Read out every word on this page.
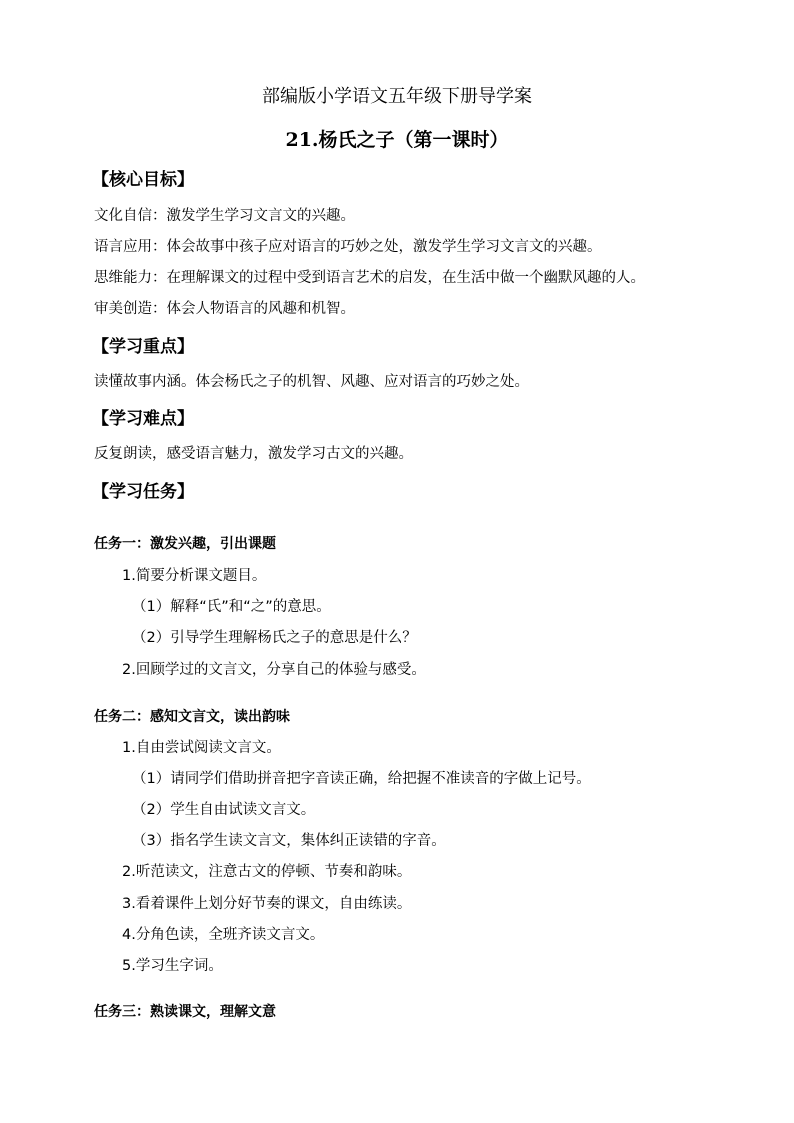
部编版小学语文五年级下册导学案
21.杨氏之子（第一课时）
【核心目标】
文化自信：激发学生学习文言文的兴趣。
语言应用：体会故事中孩子应对语言的巧妙之处，激发学生学习文言文的兴趣。
思维能力：在理解课文的过程中受到语言艺术的启发，在生活中做一个幽默风趣的人。
审美创造：体会人物语言的风趣和机智。
【学习重点】
读懂故事内涵。体会杨氏之子的机智、风趣、应对语言的巧妙之处。
【学习难点】
反复朗读，感受语言魅力，激发学习古文的兴趣。
【学习任务】
任务一：激发兴趣，引出课题
1.简要分析课文题目。
（1）解释“氏”和“之”的意思。
（2）引导学生理解杨氏之子的意思是什么？
2.回顾学过的文言文，分享自己的体验与感受。
任务二：感知文言文，读出韵味
1.自由尝试阅读文言文。
（1）请同学们借助拼音把字音读正确，给把握不准读音的字做上记号。
（2）学生自由试读文言文。
（3）指名学生读文言文，集体纠正读错的字音。
2.听范读文，注意古文的停顿、节奏和韵味。
3.看着课件上划分好节奏的课文，自由练读。
4.分角色读，全班齐读文言文。
5.学习生字词。
任务三：熟读课文，理解文意
